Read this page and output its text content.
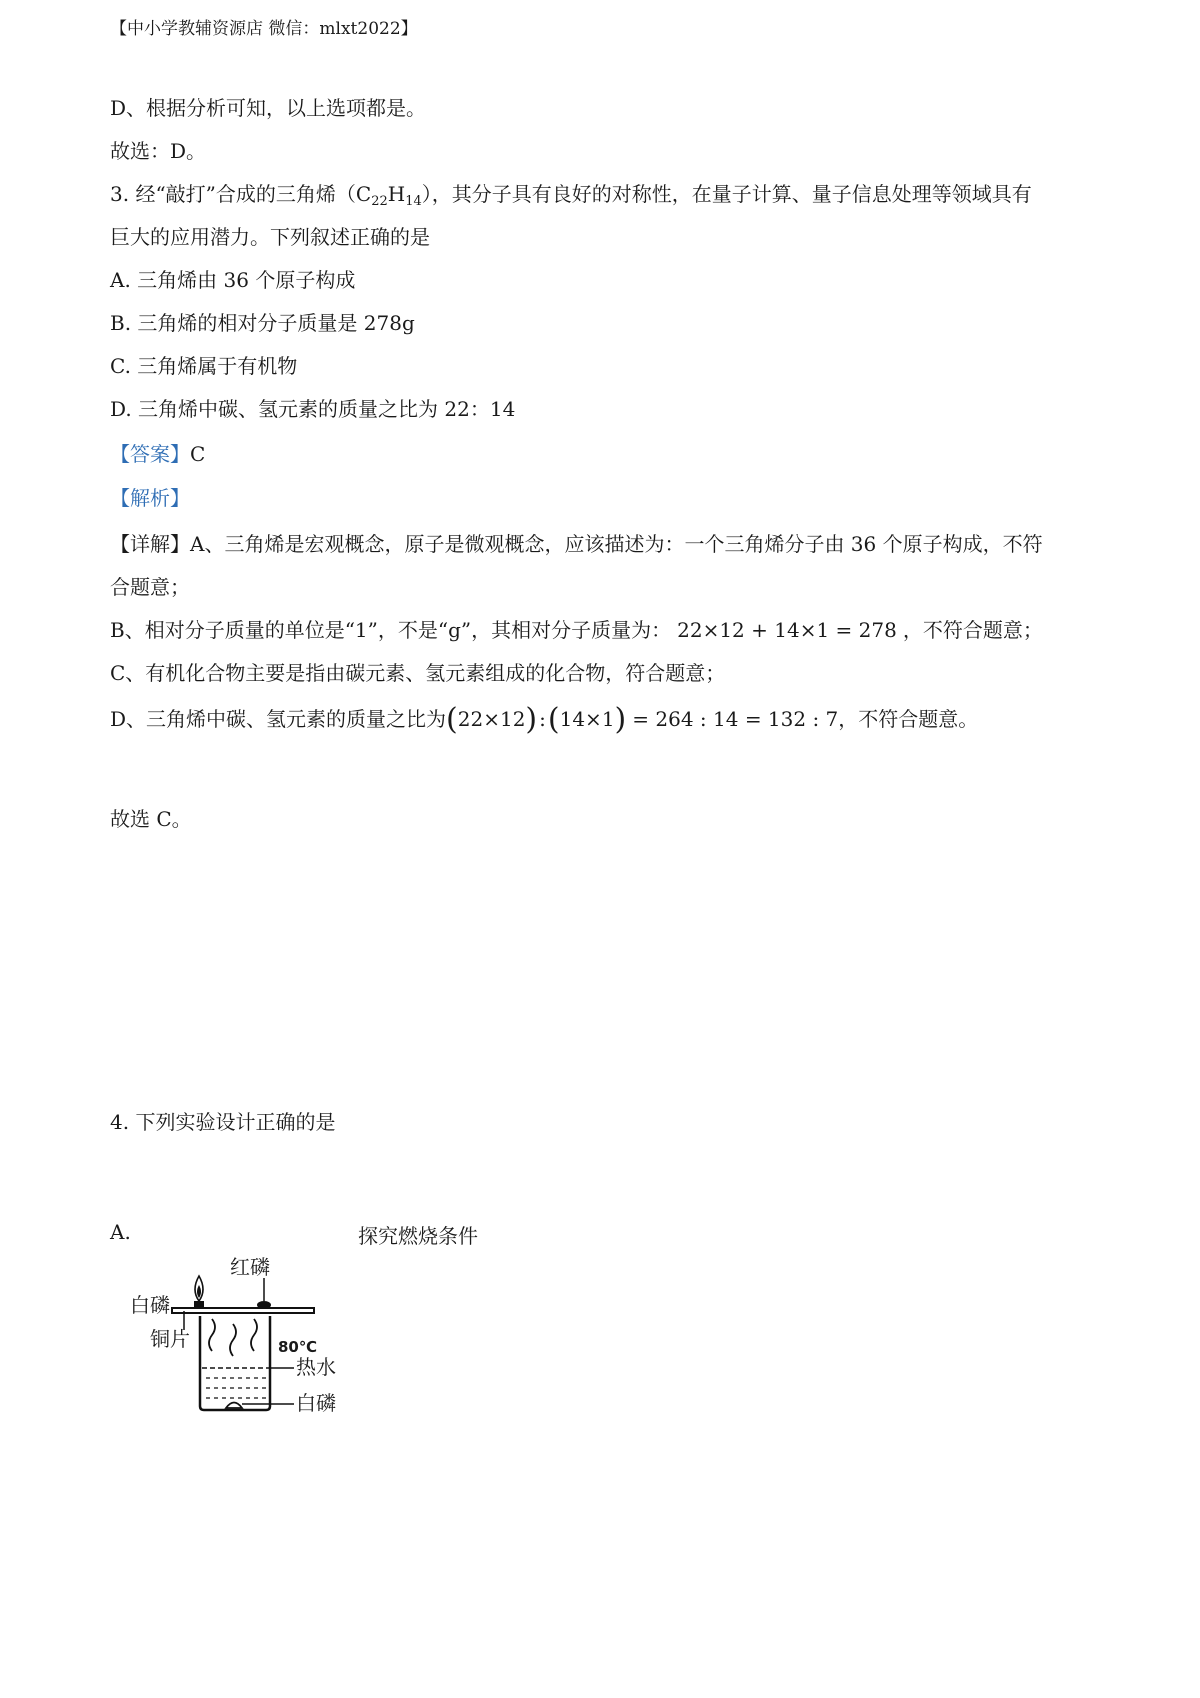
【中小学教辅资源店 微信：mlxt2022】
D、根据分析可知，以上选项都是。
故选：D。
3. 经“敲打”合成的三角烯$(C_{22}H_{14})$，其分子具有良好的对称性，在量子计算、量子信息处理等领域具有
巨大的应用潜力。下列叙述正确的是
A. 三角烯由 36 个原子构成
B. 三角烯的相对分子质量是 278g
C. 三角烯属于有机物
D. 三角烯中碳、氢元素的质量之比为 22：14
【答案】C
【解析】
【详解】A、三角烯是宏观概念，原子是微观概念，应该描述为：一个三角烯分子由 36 个原子构成，不符
合题意；
B、相对分子质量的单位是“1”，不是“g”，其相对分子质量为： 22×12 + 14×1 = 278 ，不符合题意；
C、有机化合物主要是指由碳元素、氢元素组成的化合物，符合题意；
D、三角烯中碳、氢元素的质量之比为(22×12) :(14×1) = 264 : 14 = 132 : 7，不符合题意。
故选 C。
4. 下列实验设计正确的是
A.
红磷
白磷
铜片	80℃
热水
白磷
探究燃烧条件
